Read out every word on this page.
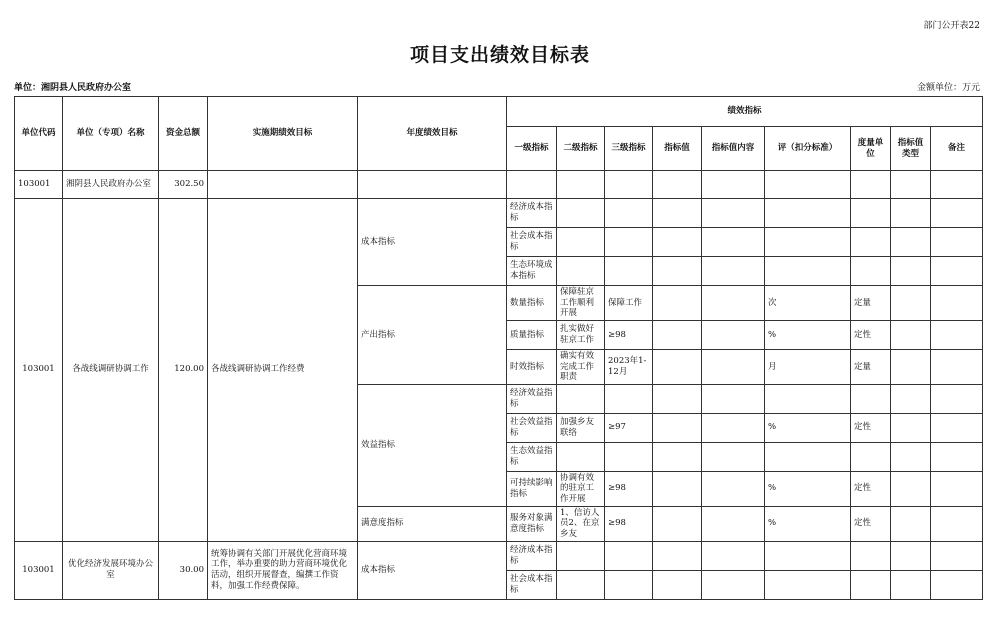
部门公开表22
项目支出绩效目标表
单位：湘阴县人民政府办公室	金额单位：万元
单位代码	单位（专项）名称	资金总额	实施期绩效目标	年度绩效目标	绩效指标								
					一级指标	二级指标	三级指标	指标值	指标值内容	评（扣分标准）	度量单位	指标值类型	备注
103001	湘阴县人民政府办公室	302.50											
103001	各战线调研协调工作	120.00	各战线调研协调工作经费	成本指标	经济成本指标								
					社会成本指标								
					生态环境成本指标								
				产出指标	数量指标	保障驻京工作顺利开展	保障工作			次	定量		
					质量指标	扎实做好驻京工作	≥98			%	定性		
					时效指标	确实有效完成工作职责	2023年1-12月			月	定量		
				效益指标	经济效益指标								
					社会效益指标	加强乡友联络	≥97			%	定性		
					生态效益指标								
					可持续影响指标	协调有效的驻京工作开展	≥98			%	定性		
				满意度指标	服务对象满意度指标	1、信访人员2、在京乡友	≥98			%	定性		
103001	优化经济发展环境办公室	30.00	统筹协调有关部门开展优化营商环境工作，举办重要的助力营商环境优化活动，组织开展督查，编撰工作资料，加强工作经费保障。	成本指标	经济成本指标								
					社会成本指标								
